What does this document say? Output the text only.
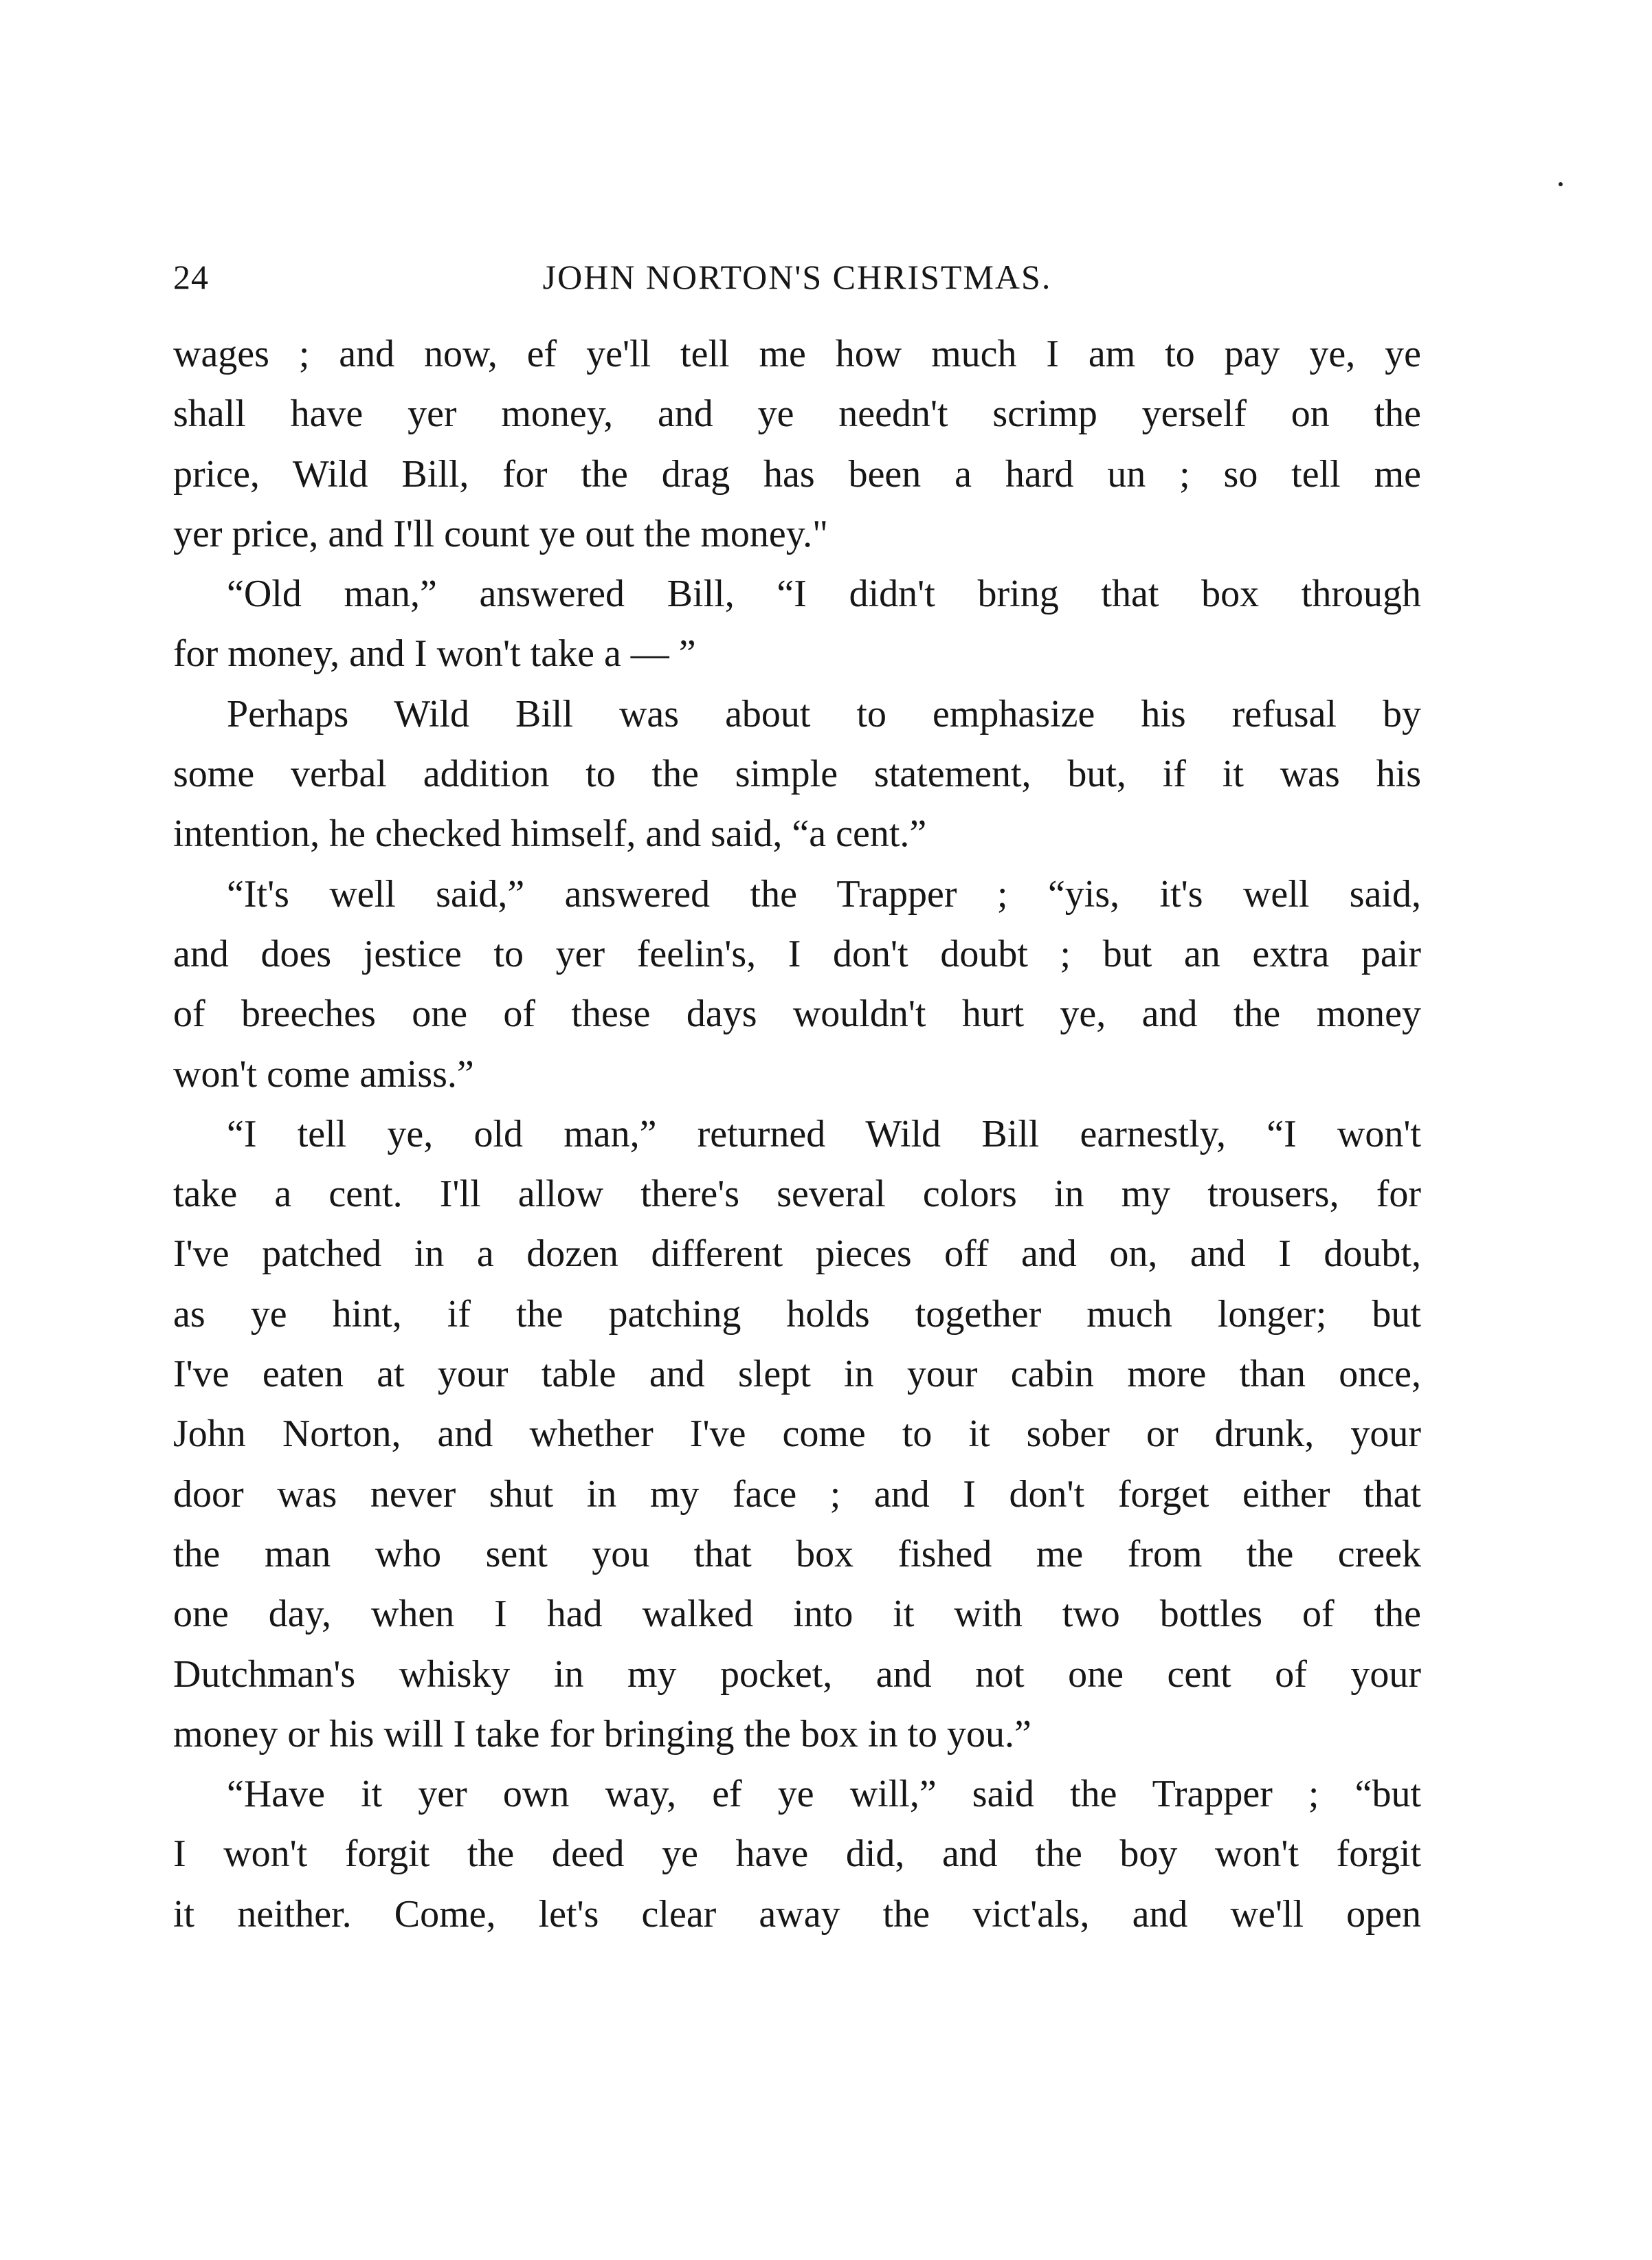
24	JOHN NORTON'S CHRISTMAS.
wages ; and now, ef ye'll tell me how much I am to pay ye, ye
shall have yer money, and ye needn't scrimp yerself on the
price, Wild Bill, for the drag has been a hard un ; so tell me
yer price, and I'll count ye out the money."
“Old man,” answered Bill, “I didn't bring that box through
for money, and I won't take a — ”
Perhaps Wild Bill was about to emphasize his refusal by
some verbal addition to the simple statement, but, if it was his
intention, he checked himself, and said, “a cent.”
“It's well said,” answered the Trapper ; “yis, it's well said,
and does jestice to yer feelin's, I don't doubt ; but an extra pair
of breeches one of these days wouldn't hurt ye, and the money
won't come amiss.”
“I tell ye, old man,” returned Wild Bill earnestly, “I won't
take a cent. I'll allow there's several colors in my trousers, for
I've patched in a dozen different pieces off and on, and I doubt,
as ye hint, if the patching holds together much longer; but
I've eaten at your table and slept in your cabin more than once,
John Norton, and whether I've come to it sober or drunk, your
door was never shut in my face ; and I don't forget either that
the man who sent you that box fished me from the creek
one day, when I had walked into it with two bottles of the
Dutchman's whisky in my pocket, and not one cent of your
money or his will I take for bringing the box in to you.”
“Have it yer own way, ef ye will,” said the Trapper ; “but
I won't forgit the deed ye have did, and the boy won't forgit
it neither. Come, let's clear away the vict'als, and we'll open
